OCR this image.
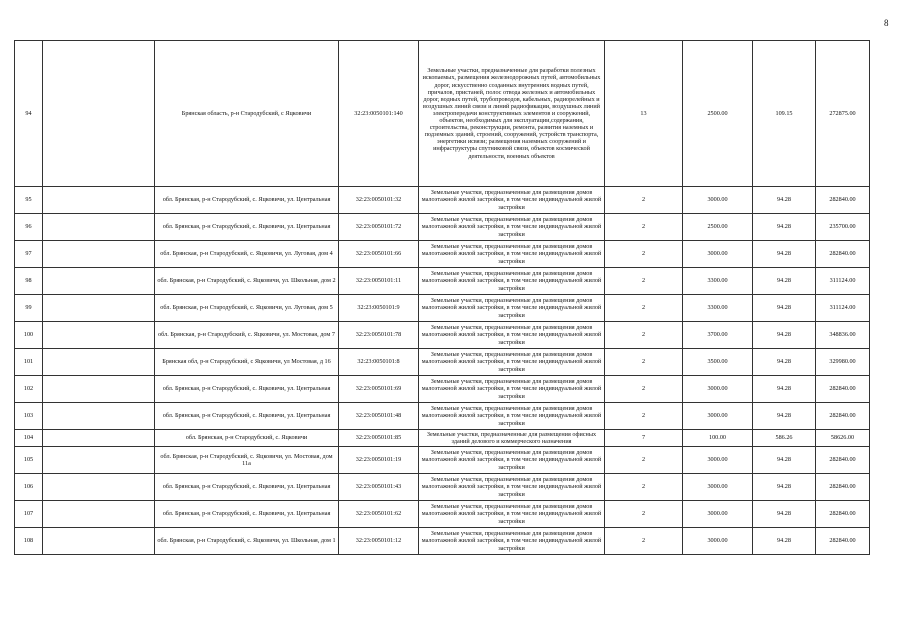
8
94		Брянская область, р-н Стародубский, с Яцковичи	32:23:0050101:140	Земельные участки, предназначенные для разработки полезных ископаемых, размещения железнодорожных путей, автомобильных дорог, искусственно созданных внутренних водных путей, причалов, пристаней, полос отвода железных и автомобильных дорог, водных путей, трубопроводов, кабельных, радиорелейных и воздушных линий связи и линий радиофикации, воздушных линий электропередачи конструктивных элементов и сооружений, объектов, необходимых для эксплуатации,содержания, строительства, реконструкции, ремонта, развития наземных и подземных зданий, строений, сооружений, устройств транспорта, энергетики исвязи; размещения наземных сооружений и инфраструктуры спутниковой связи, объектов космической деятельности, военных объектов	13	2500.00	109.15	272875.00
95		обл. Брянская, р-н Стародубский, с. Яцковичи, ул. Центральная	32:23:0050101:32	Земельные участки, предназначенные для размещения домов малоэтажной жилой застройки, в том числе индивидуальной жилой застройки	2	3000.00	94.28	282840.00
96		обл. Брянская, р-н Стародубский, с. Яцковичи, ул. Центральная	32:23:0050101:72	Земельные участки, предназначенные для размещения домов малоэтажной жилой застройки, в том числе индивидуальной жилой застройки	2	2500.00	94.28	235700.00
97		обл. Брянская, р-н Стародубский, с. Яцковичи, ул. Луговая, дом 4	32:23:0050101:66	Земельные участки, предназначенные для размещения домов малоэтажной жилой застройки, в том числе индивидуальной жилой застройки	2	3000.00	94.28	282840.00
98		обл. Брянская, р-н Стародубский, с. Яцковичи, ул. Школьная, дом 2	32:23:0050101:11	Земельные участки, предназначенные для размещения домов малоэтажной жилой застройки, в том числе индивидуальной жилой застройки	2	3300.00	94.28	311124.00
99		обл. Брянская, р-н Стародубский, с. Яцковичи, ул. Луговая, дом 5	32:23:0050101:9	Земельные участки, предназначенные для размещения домов малоэтажной жилой застройки, в том числе индивидуальной жилой застройки	2	3300.00	94.28	311124.00
100		обл. Брянская, р-н Стародубский, с. Яцковичи, ул. Мостовая, дом 7	32:23:0050101:78	Земельные участки, предназначенные для размещения домов малоэтажной жилой застройки, в том числе индивидуальной жилой застройки	2	3700.00	94.28	348836.00
101		Брянская обл, р-н Стародубский, с Яцковичи, ул Мостовая, д 16	32:23:0050101:8	Земельные участки, предназначенные для размещения домов малоэтажной жилой застройки, в том числе индивидуальной жилой застройки	2	3500.00	94.28	329980.00
102		обл. Брянская, р-н Стародубский, с. Яцковичи, ул. Центральная	32:23:0050101:69	Земельные участки, предназначенные для размещения домов малоэтажной жилой застройки, в том числе индивидуальной жилой застройки	2	3000.00	94.28	282840.00
103		обл. Брянская, р-н Стародубский, с. Яцковичи, ул. Центральная	32:23:0050101:48	Земельные участки, предназначенные для размещения домов малоэтажной жилой застройки, в том числе индивидуальной жилой застройки	2	3000.00	94.28	282840.00
104		обл. Брянская, р-н Стародубский, с. Яцковичи	32:23:0050101:85	Земельные участки, предназначенные для размещения офисных зданий делового и коммерческого назначения	7	100.00	586.26	58626.00
105		обл. Брянская, р-н Стародубский, с. Яцковичи, ул. Мостовая, дом 11а	32:23:0050101:19	Земельные участки, предназначенные для размещения домов малоэтажной жилой застройки, в том числе индивидуальной жилой застройки	2	3000.00	94.28	282840.00
106		обл. Брянская, р-н Стародубский, с. Яцковичи, ул. Центральная	32:23:0050101:43	Земельные участки, предназначенные для размещения домов малоэтажной жилой застройки, в том числе индивидуальной жилой застройки	2	3000.00	94.28	282840.00
107		обл. Брянская, р-н Стародубский, с. Яцковичи, ул. Центральная	32:23:0050101:62	Земельные участки, предназначенные для размещения домов малоэтажной жилой застройки, в том числе индивидуальной жилой застройки	2	3000.00	94.28	282840.00
108		обл. Брянская, р-н Стародубский, с. Яцковичи, ул. Школьная, дом 1	32:23:0050101:12	Земельные участки, предназначенные для размещения домов малоэтажной жилой застройки, в том числе индивидуальной жилой застройки	2	3000.00	94.28	282840.00
